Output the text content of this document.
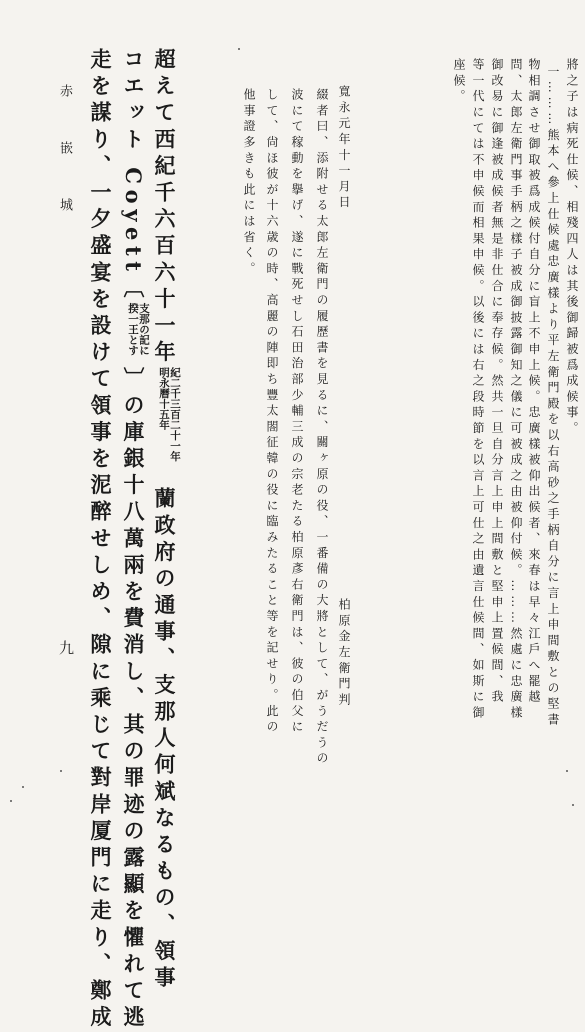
將之子は病死仕候、相殘四人は其後御歸被爲成候事。
一………熊本へ參上仕候處忠廣樣より平左衛門殿を以右高砂之手柄自分に言上申間敷との堅書
物相調させ御取被爲成候付自分に盲上不申上候。忠廣樣被仰出候者、來春は早々江戶へ罷越
問、太郎左衛門事手柄之樣子被成御披露御知之儀に可被成之由被仰付候。………然處に忠廣樣
御改易に御逢被成候者無是非仕合に奉存候。然共一旦自分言上申上間敷と堅申上置候間、我
等一代にては不申候而相果申候。以後には右之段時節を以言上可仕之由遺言仕候間、如斯に御
座候。
寬永元年十一月日
柏原金左衛門判
綴者曰、添附せる太郎左衛門の履歷書を見るに、關ヶ原の役、一番備の大將として、がうだうの
波にて稼動を擧げ、遂に戰死せし石田治部少輔三成の宗老たる柏原彥右衛門は、彼の伯父に
して、尙ほ彼が十六歳の時、高麗の陣即ち豐太閤征韓の役に臨みたること等を記せり。此の
他事證多きも此には省く。
超えて西紀千六百六十一年紀二千三百二十一年
明永曆十五年蘭政府の通事、支那人何斌なるもの、領事
コエット Coyett〔支那の記に
揆一王とす〕の庫銀十八萬兩を費消し、其の罪迹の露顯を懼れて逃
走を謀り、一夕盛宴を設けて領事を泥醉せしめ、隙に乘じて對岸厦門に走り、鄭成
赤 嵌 城
九
